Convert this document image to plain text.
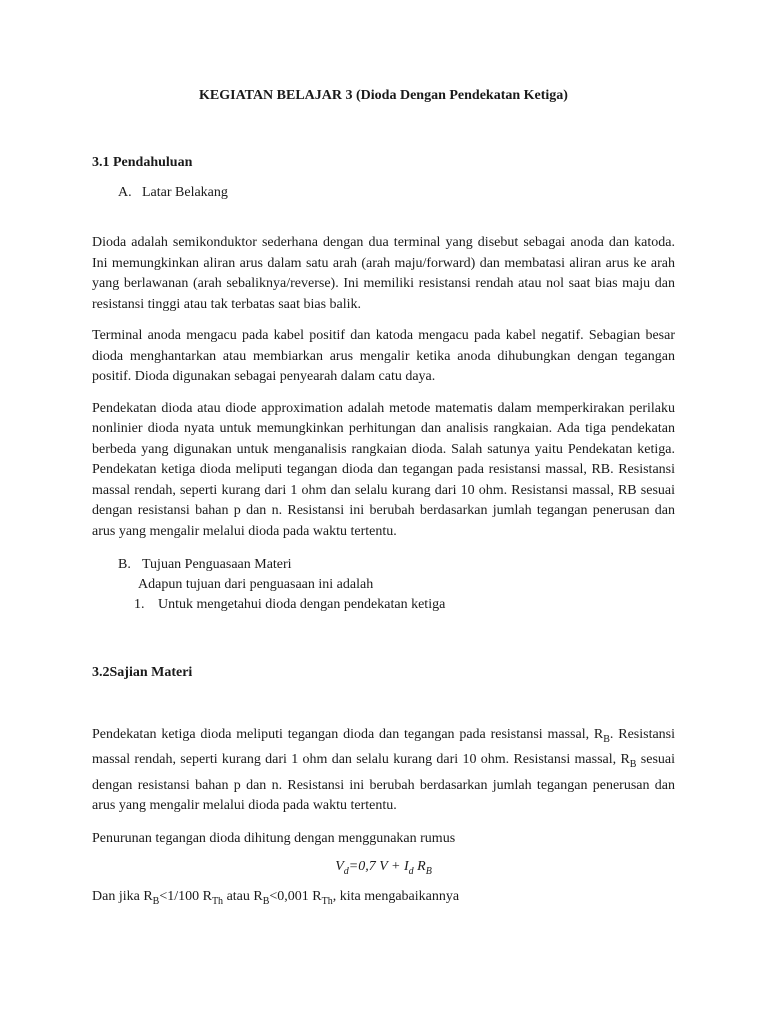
KEGIATAN BELAJAR 3 (Dioda Dengan Pendekatan Ketiga)

3.1 Pendahuluan

A. Latar Belakang

Dioda adalah semikonduktor sederhana dengan dua terminal yang disebut sebagai anoda dan katoda. Ini memungkinkan aliran arus dalam satu arah (arah maju/forward) dan membatasi aliran arus ke arah yang berlawanan (arah sebaliknya/reverse). Ini memiliki resistansi rendah atau nol saat bias maju dan resistansi tinggi atau tak terbatas saat bias balik.

Terminal anoda mengacu pada kabel positif dan katoda mengacu pada kabel negatif. Sebagian besar dioda menghantarkan atau membiarkan arus mengalir ketika anoda dihubungkan dengan tegangan positif. Dioda digunakan sebagai penyearah dalam catu daya.

Pendekatan dioda atau diode approximation adalah metode matematis dalam memperkirakan perilaku nonlinier dioda nyata untuk memungkinkan perhitungan dan analisis rangkaian. Ada tiga pendekatan berbeda yang digunakan untuk menganalisis rangkaian dioda. Salah satunya yaitu Pendekatan ketiga. Pendekatan ketiga dioda meliputi tegangan dioda dan tegangan pada resistansi massal, RB. Resistansi massal rendah, seperti kurang dari 1 ohm dan selalu kurang dari 10 ohm. Resistansi massal, RB sesuai dengan resistansi bahan p dan n. Resistansi ini berubah berdasarkan jumlah tegangan penerusan dan arus yang mengalir melalui dioda pada waktu tertentu.

B. Tujuan Penguasaan Materi

Adapun tujuan dari penguasaan ini adalah

1. Untuk mengetahui dioda dengan pendekatan ketiga

3.2Sajian Materi

Pendekatan ketiga dioda meliputi tegangan dioda dan tegangan pada resistansi massal, $R_B$. Resistansi massal rendah, seperti kurang dari 1 ohm dan selalu kurang dari 10 ohm. Resistansi massal, $R_B$ sesuai dengan resistansi bahan p dan n. Resistansi ini berubah berdasarkan jumlah tegangan penerusan dan arus yang mengalir melalui dioda pada waktu tertentu.

Penurunan tegangan dioda dihitung dengan menggunakan rumus

$V_d=0,7$ $V + I_d$ $R_B$

Dan jika $R_B<1/100$ $R_{Th}$ atau $R_B<0,001$ $R_{Th}$, kita mengabaikannya
